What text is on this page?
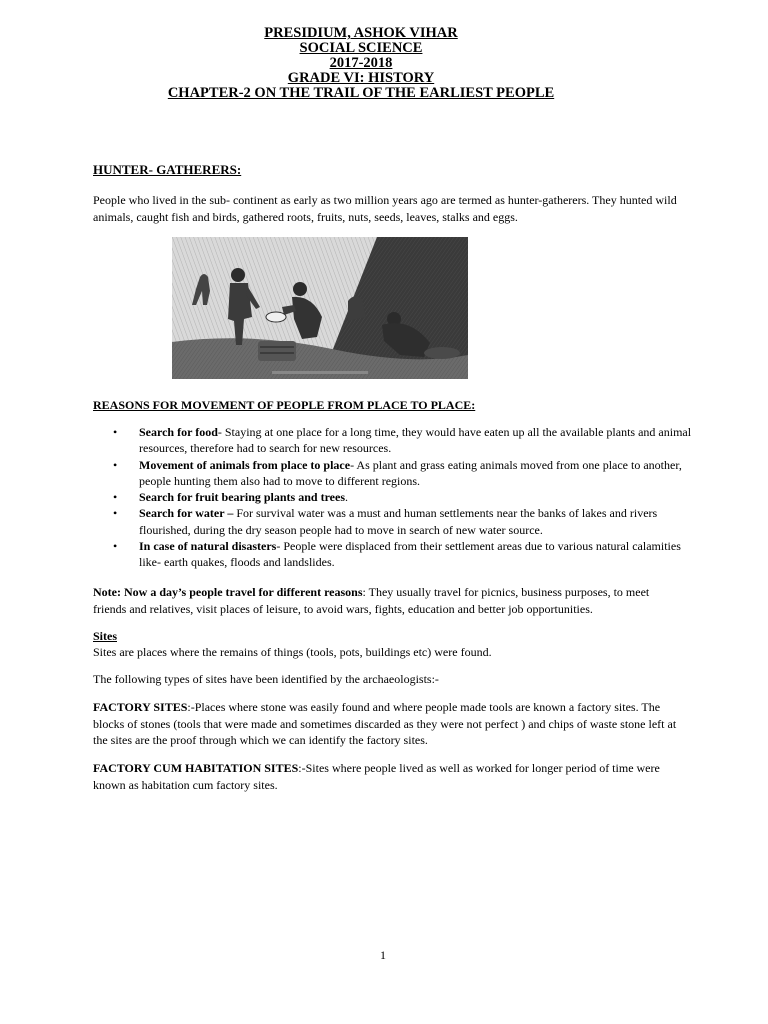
PRESIDIUM, ASHOK VIHAR
SOCIAL SCIENCE
2017-2018
GRADE VI: HISTORY
CHAPTER-2 ON THE TRAIL OF THE EARLIEST PEOPLE
HUNTER- GATHERERS:
People who lived in the sub- continent as early as two million years ago are termed as hunter-gatherers. They hunted wild animals, caught fish and birds, gathered roots, fruits, nuts, seeds, leaves, stalks and eggs.
REASONS FOR MOVEMENT OF PEOPLE FROM PLACE TO PLACE:
• Search for food- Staying at one place for a long time, they would have eaten up all the available plants and animal resources, therefore had to search for new resources.
• Movement of animals from place to place- As plant and grass eating animals moved from one place to another, people hunting them also had to move to different regions.
• Search for fruit bearing plants and trees.
• Search for water – For survival water was a must and human settlements near the banks of lakes and rivers flourished, during the dry season people had to move in search of new water source.
• In case of natural disasters- People were displaced from their settlement areas due to various natural calamities like- earth quakes, floods and landslides.
Note: Now a day’s people travel for different reasons: They usually travel for picnics, business purposes, to meet friends and relatives, visit places of leisure, to avoid wars, fights, education and better job opportunities.
Sites
Sites are places where the remains of things (tools, pots, buildings etc) were found.
The following types of sites have been identified by the archaeologists:-
FACTORY SITES:-Places where stone was easily found and where people made tools are known a factory sites. The blocks of stones (tools that were made and sometimes discarded as they were not perfect ) and chips of waste stone left at the sites are the proof through which we can identify the factory sites.
FACTORY CUM HABITATION SITES:-Sites where people lived as well as worked for longer period of time were known as habitation cum factory sites.
1
